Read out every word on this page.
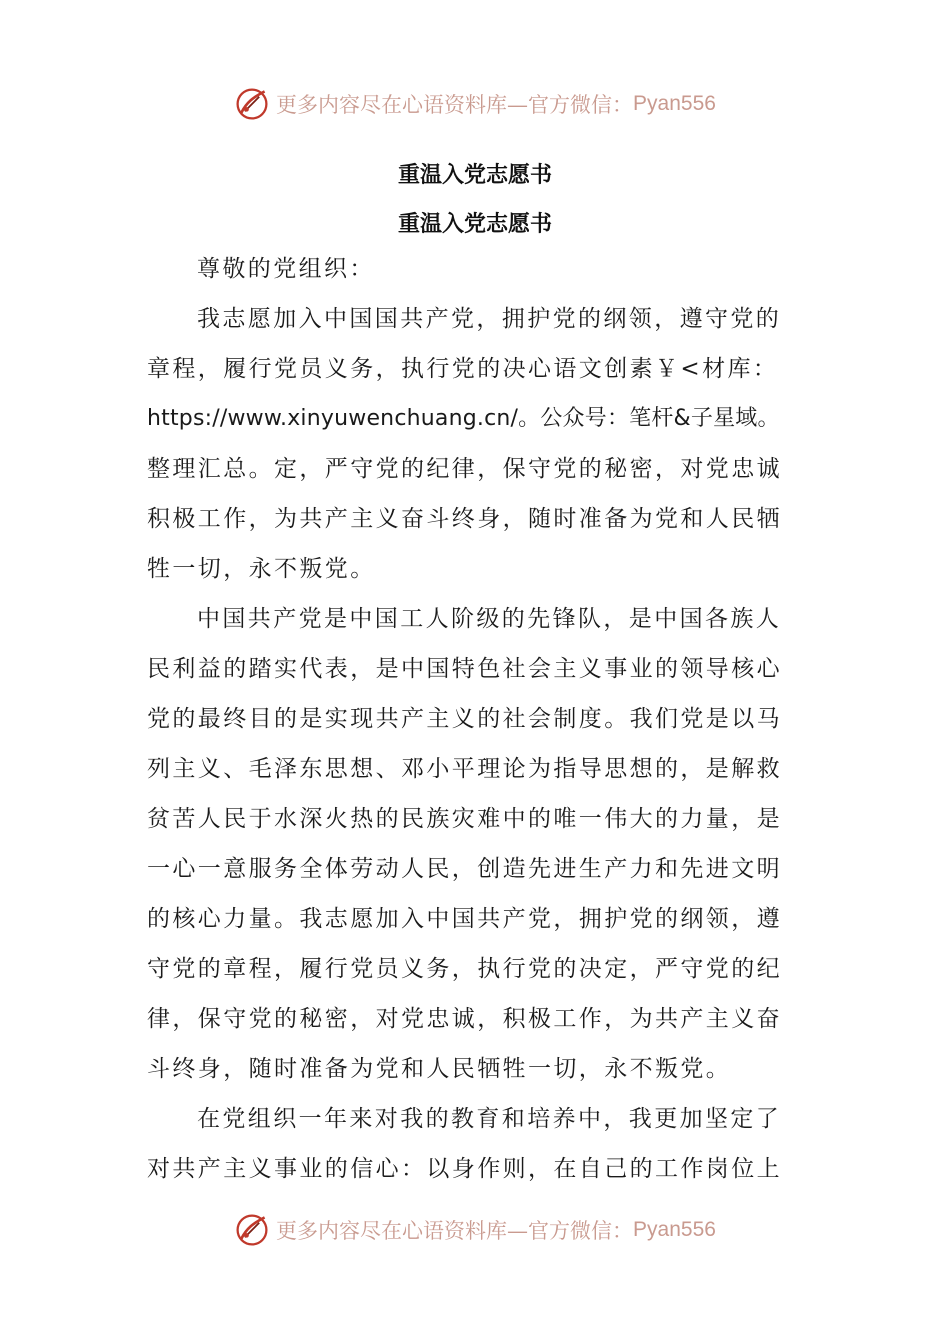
更多内容尽在心语资料库—官方微信： Pyan556
重温入党志愿书
重温入党志愿书
尊敬的党组织：
我志愿加入中国国共产党，拥护党的纲领，遵守党的
章程，履行党员义务，执行党的决心语文创素￥<材库：
https://www.xinyuwenchuang.cn/。公众号：笔杆&子星域。
整理汇总。定，严守党的纪律，保守党的秘密，对党忠诚
积极工作，为共产主义奋斗终身，随时准备为党和人民牺
牲一切，永不叛党。
中国共产党是中国工人阶级的先锋队，是中国各族人
民利益的踏实代表，是中国特色社会主义事业的领导核心
党的最终目的是实现共产主义的社会制度。我们党是以马
列主义、毛泽东思想、邓小平理论为指导思想的，是解救
贫苦人民于水深火热的民族灾难中的唯一伟大的力量，是
一心一意服务全体劳动人民，创造先进生产力和先进文明
的核心力量。我志愿加入中国共产党，拥护党的纲领，遵
守党的章程，履行党员义务，执行党的决定，严守党的纪
律，保守党的秘密，对党忠诚，积极工作，为共产主义奋
斗终身，随时准备为党和人民牺牲一切，永不叛党。
在党组织一年来对我的教育和培养中，我更加坚定了
对共产主义事业的信心：以身作则，在自己的工作岗位上
更多内容尽在心语资料库—官方微信： Pyan556
